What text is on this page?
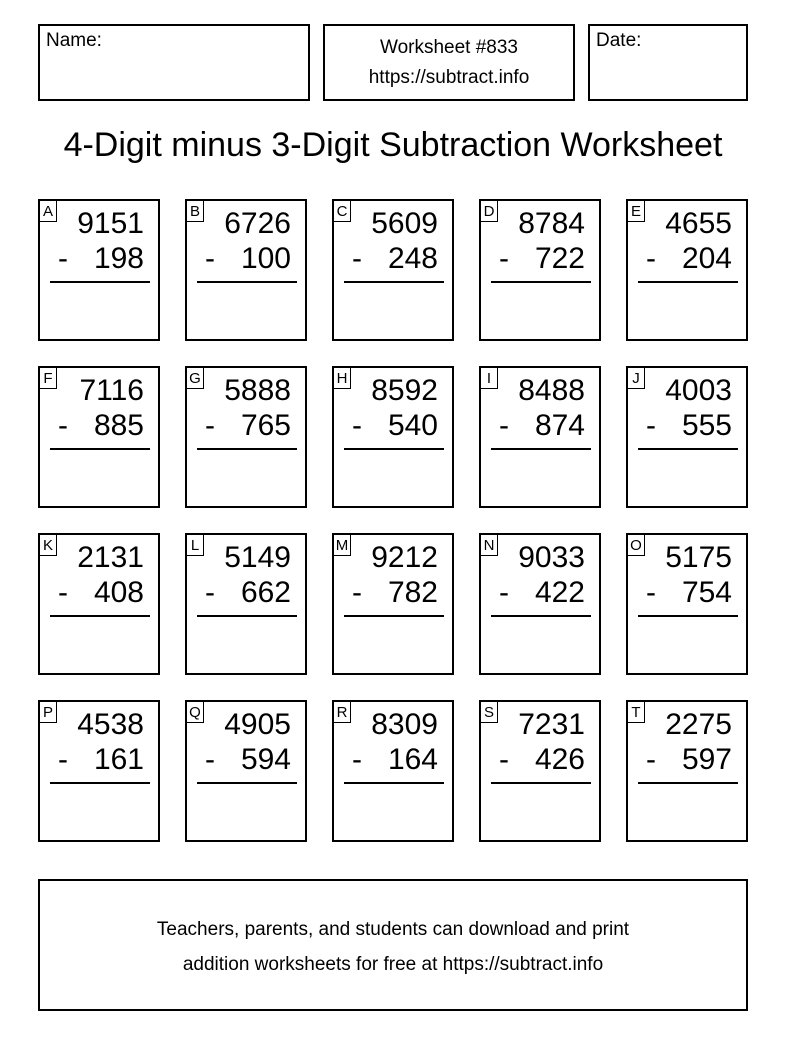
Name:	Worksheet #833
https://subtract.info
Date:
4-Digit minus 3-Digit Subtraction Worksheet
A 9151
- 198
B 6726
- 100
C 5609
- 248
D 8784
- 722
E 4655
- 204
F 7116
- 885
G 5888
- 765
H 8592
- 540
I 8488
- 874
J 4003
- 555
K 2131
- 408
L 5149
- 662
M 9212
- 782
N 9033
- 422
O 5175
- 754
P 4538
- 161
Q 4905
- 594
R 8309
- 164
S 7231
- 426
T 2275
- 597
Teachers, parents, and students can download and print
addition worksheets for free at https://subtract.info
